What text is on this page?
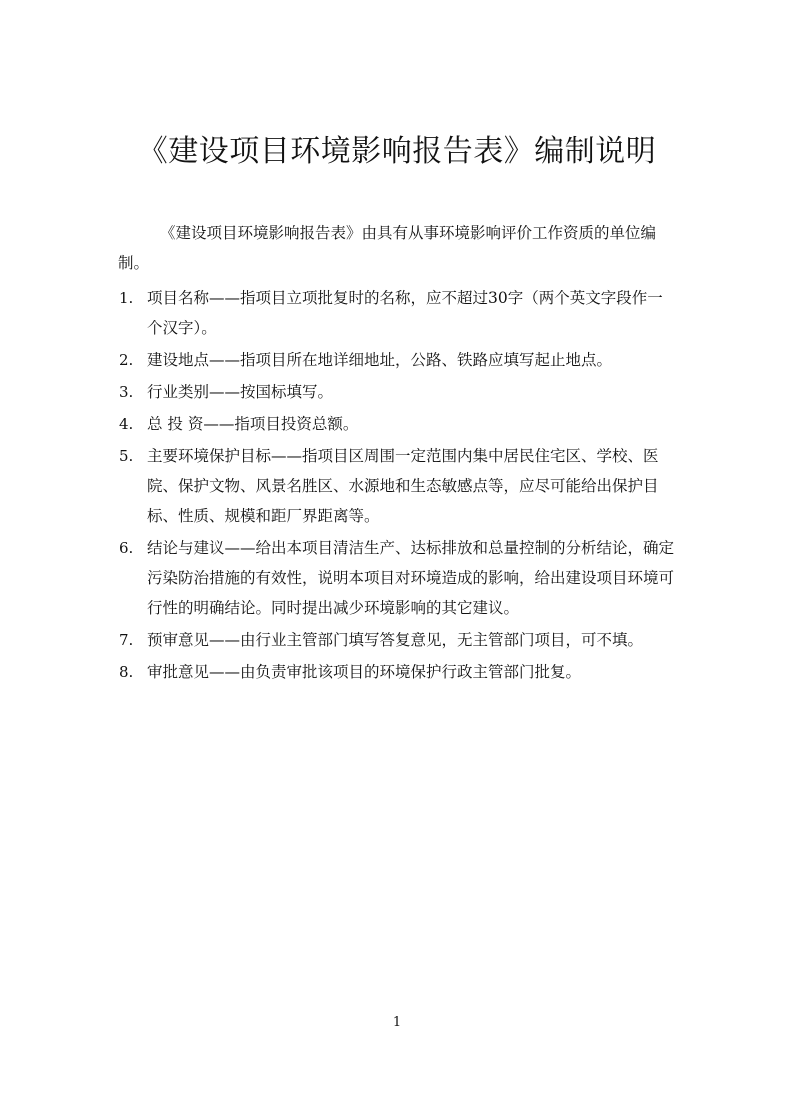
《建设项目环境影响报告表》编制说明

《建设项目环境影响报告表》由具有从事环境影响评价工作资质的单位编制。

1. 项目名称——指项目立项批复时的名称，应不超过30字（两个英文字段作一个汉字）。
2. 建设地点——指项目所在地详细地址，公路、铁路应填写起止地点。
3. 行业类别——按国标填写。
4. 总 投 资——指项目投资总额。
5. 主要环境保护目标——指项目区周围一定范围内集中居民住宅区、学校、医院、保护文物、风景名胜区、水源地和生态敏感点等，应尽可能给出保护目标、性质、规模和距厂界距离等。
6. 结论与建议——给出本项目清洁生产、达标排放和总量控制的分析结论，确定污染防治措施的有效性，说明本项目对环境造成的影响，给出建设项目环境可行性的明确结论。同时提出减少环境影响的其它建议。
7. 预审意见——由行业主管部门填写答复意见，无主管部门项目，可不填。
8. 审批意见——由负责审批该项目的环境保护行政主管部门批复。
1
